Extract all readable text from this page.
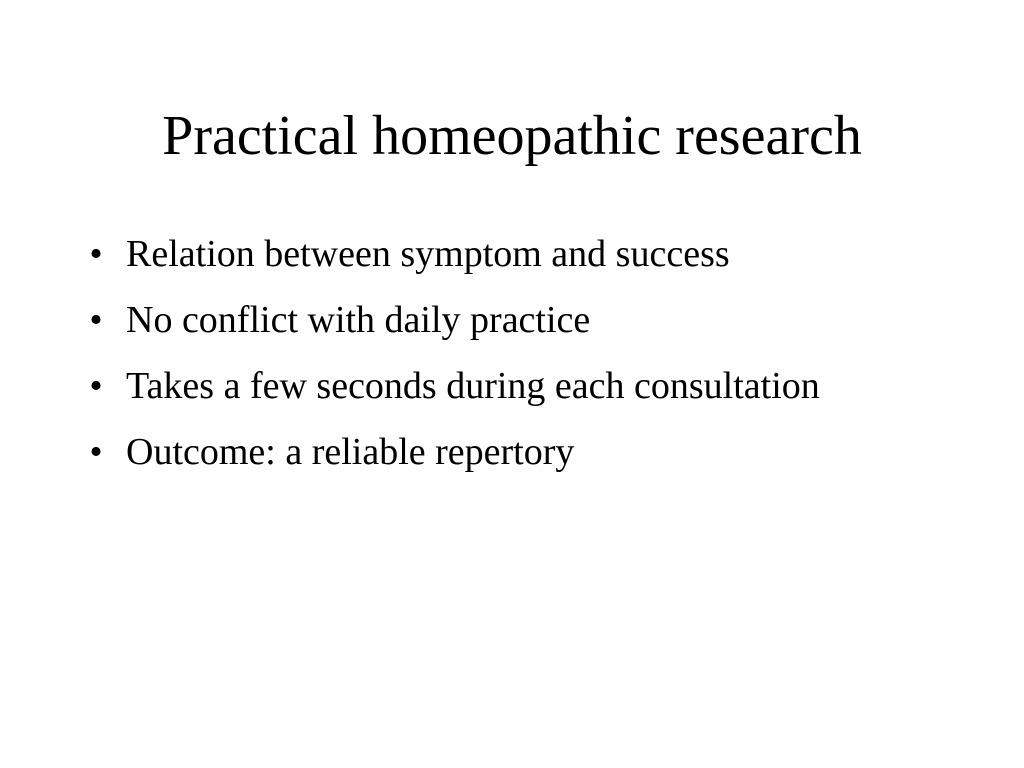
Practical homeopathic research
• Relation between symptom and success
• No conflict with daily practice
• Takes a few seconds during each consultation
• Outcome: a reliable repertory
